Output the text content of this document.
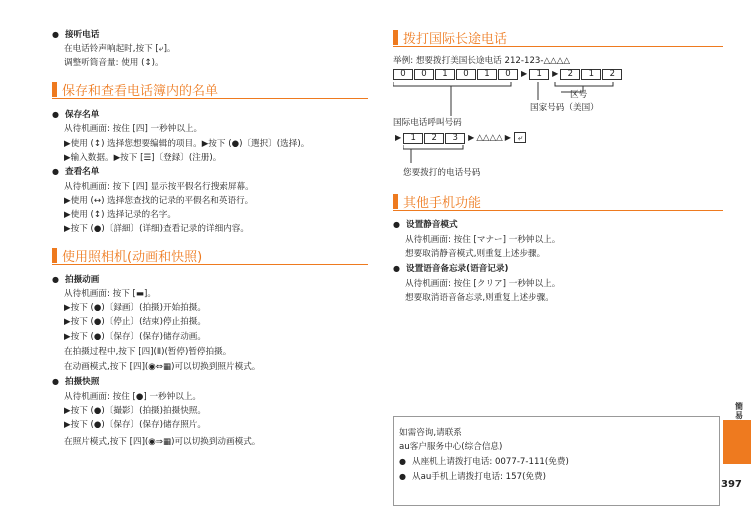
● 接听电话
在电话铃声响起时,按下 [⤶]。
调整听筒音量: 使用 (↕)。
保存和查看电话簿内的名单
● 保存名单
从待机画面: 按住 [四] 一秒钟以上。
▶使用 (↕) 选择您想要编辑的项目。▶按下 (●)〔選択〕(选择)。
▶输入数据。▶按下 [☰]〔登録〕(注册)。
● 查看名单
从待机画面: 按下 [四] 显示按平假名行搜索屏幕。
▶使用 (↔) 选择您查找的记录的平假名和英语行。
▶使用 (↕) 选择记录的名字。
▶按下 (●)〔詳細〕(详细)查看记录的详细内容。
使用照相机(动画和快照)
● 拍摄动画
从待机画面: 按下 [▬]。
▶按下 (●)〔録画〕(拍摄)开始拍摄。
▶按下 (●)〔停止〕(结束)停止拍摄。
▶按下 (●)〔保存〕(保存)储存动画。
在拍摄过程中,按下 [四](Ⅱ)(暂停)暂停拍摄。
在动画模式,按下 [四](◉⇔▦)可以切换到照片模式。
● 拍摄快照
从待机画面: 按住 [●] 一秒钟以上。
▶按下 (●)〔撮影〕(拍摄)拍摄快照。
▶按下 (●)〔保存〕(保存)储存照片。
在照片模式,按下 [四](◉⇒▦)可以切换到动画模式。
拨打国际长途电话
举例: 想要拨打美国长途电话 212-123-△△△△
0 0 1 0 1 0 ▶ 1 ▶ 2 1 2
区号
国家号码（美国）
国际电话呼叫号码
▶ 1 2 3 ▶ △△△△ ▶ ⤶
您要拨打的电话号码
其他手机功能
● 设置静音模式
从待机画面: 按住 [マナー] 一秒钟以上。
想要取消静音模式,则重复上述步骤。
● 设置语音备忘录(语音记录)
从待机画面: 按住 [クリア] 一秒钟以上。
想要取消语音备忘录,则重复上述步骤。
如需咨询,请联系
au客户服务中心(综合信息)
● 从座机上请拨打电话: 0077-7-111(免费)
● 从au手机上请拨打电话: 157(免费)
簡易
397
